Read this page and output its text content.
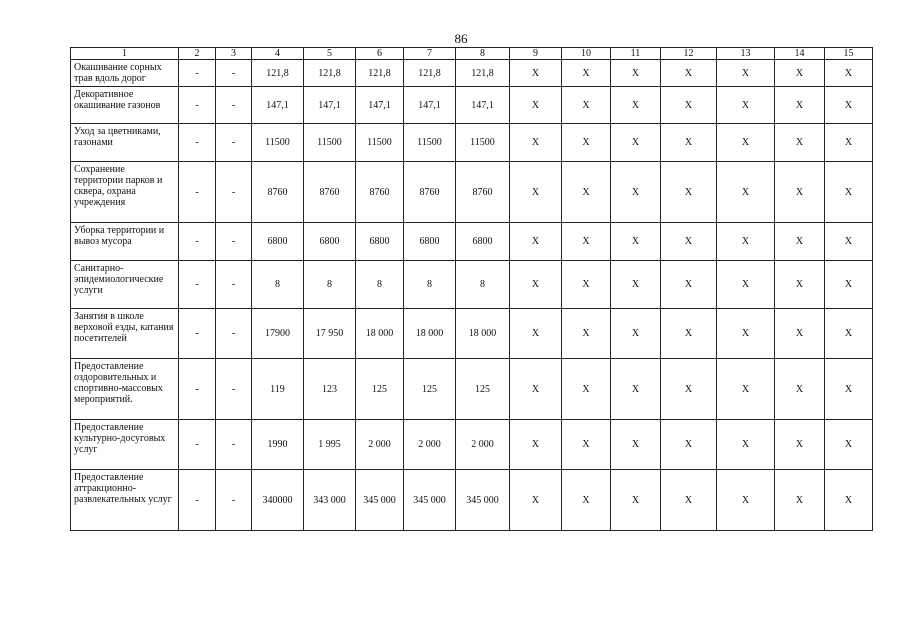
86
1	2	3	4	5	6	7	8	9	10	11	12	13	14	15
Окашивание сорных трав вдоль дорог	-	-	121,8	121,8	121,8	121,8	121,8	X	X	X	X	X	X	X
Декоративное окашивание газонов	-	-	147,1	147,1	147,1	147,1	147,1	X	X	X	X	X	X	X
Уход за цветниками, газонами	-	-	11500	11500	11500	11500	11500	X	X	X	X	X	X	X
Сохранение территории парков и сквера, охрана учреждения	-	-	8760	8760	8760	8760	8760	X	X	X	X	X	X	X
Уборка территории и вывоз мусора	-	-	6800	6800	6800	6800	6800	X	X	X	X	X	X	X
Санитарно-эпидемиологические услуги	-	-	8	8	8	8	8	X	X	X	X	X	X	X
Занятия в школе верховой езды, катания посетителей	-	-	17900	17 950	18 000	18 000	18 000	X	X	X	X	X	X	X
Предоставление оздоровительных и спортивно-массовых мероприятий.	-	-	119	123	125	125	125	X	X	X	X	X	X	X
Предоставление культурно-досуговых услуг	-	-	1990	1 995	2 000	2 000	2 000	X	X	X	X	X	X	X
Предоставление аттракционно-развлекательных услуг	-	-	340000	343 000	345 000	345 000	345 000	X	X	X	X	X	X	X
